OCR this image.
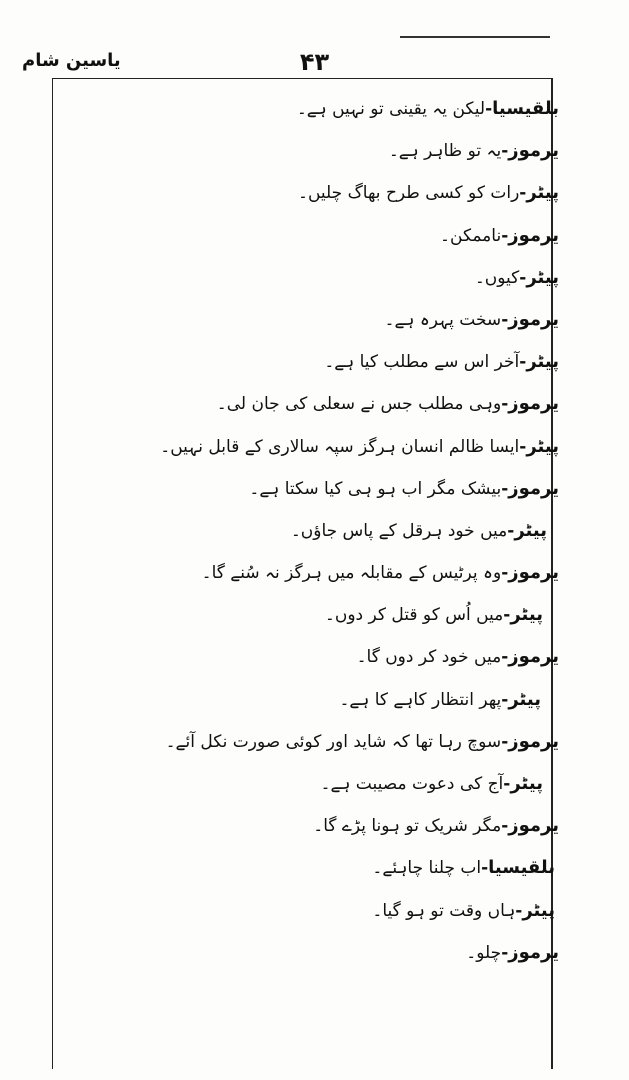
۴۳
یاسین شام
بلقیسیا-لیکن یہ یقینی تو نہیں ہے۔
یرموز-یہ تو ظاہر ہے۔
پیٹر-رات کو کسی طرح بھاگ چلیں۔
یرموز-ناممکن۔
پیٹر-کیوں۔
یرموز-سخت پہرہ ہے۔
پیٹر-آخر اس سے مطلب کیا ہے۔
یرموز-وہی مطلب جس نے سعلی کی جان لی۔
پیٹر-ایسا ظالم انسان ہرگز سپہ سالاری کے قابل نہیں۔
یرموز-بیشک مگر اب ہو ہی کیا سکتا ہے۔
پیٹر-میں خود ہرقل کے پاس جاؤں۔
یرموز-وہ پرٹیس کے مقابلہ میں ہرگز نہ سُنے گا۔
پیٹر-میں اُس کو قتل کر دوں۔
یرموز-میں خود کر دوں گا۔
پیٹر-پھر انتظار کاہے کا ہے۔
یرموز-سوچ رہا تھا کہ شاید اور کوئی صورت نکل آئے۔
پیٹر-آج کی دعوت مصیبت ہے۔
یرموز-مگر شریک تو ہونا پڑے گا۔
بلقیسیا-اب چلنا چاہئے۔
پیٹر-ہاں وقت تو ہو گیا۔
یرموز-چلو۔
